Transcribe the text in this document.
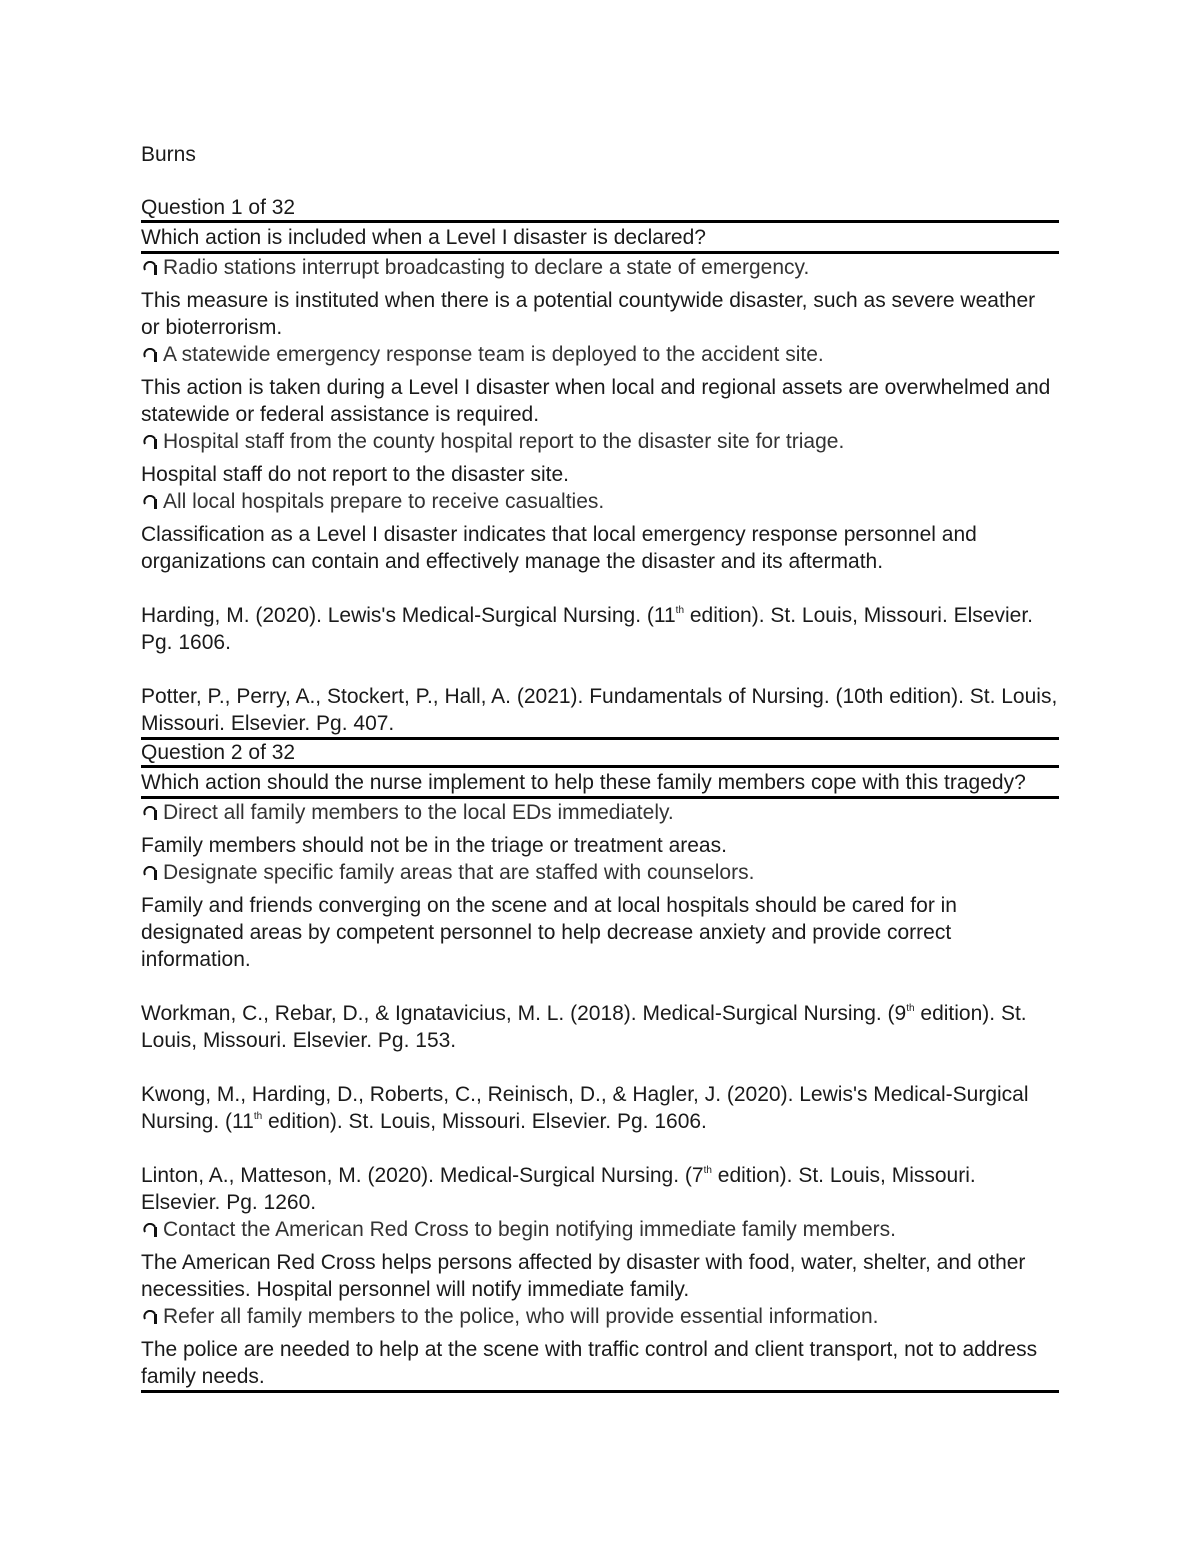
Burns
Question 1 of 32
Which action is included when a Level I disaster is declared?
Radio stations interrupt broadcasting to declare a state of emergency.
This measure is instituted when there is a potential countywide disaster, such as severe weather or bioterrorism.
A statewide emergency response team is deployed to the accident site.
This action is taken during a Level I disaster when local and regional assets are overwhelmed and statewide or federal assistance is required.
Hospital staff from the county hospital report to the disaster site for triage.
Hospital staff do not report to the disaster site.
All local hospitals prepare to receive casualties.
Classification as a Level I disaster indicates that local emergency response personnel and organizations can contain and effectively manage the disaster and its aftermath.
Harding, M. (2020). Lewis's Medical-Surgical Nursing. (11th edition). St. Louis, Missouri. Elsevier. Pg. 1606.
Potter, P., Perry, A., Stockert, P., Hall, A. (2021). Fundamentals of Nursing. (10th edition). St. Louis, Missouri. Elsevier. Pg. 407.
Question 2 of 32
Which action should the nurse implement to help these family members cope with this tragedy?
Direct all family members to the local EDs immediately.
Family members should not be in the triage or treatment areas.
Designate specific family areas that are staffed with counselors.
Family and friends converging on the scene and at local hospitals should be cared for in designated areas by competent personnel to help decrease anxiety and provide correct information.
Workman, C., Rebar, D., & Ignatavicius, M. L. (2018). Medical-Surgical Nursing. (9th edition). St. Louis, Missouri. Elsevier. Pg. 153.
Kwong, M., Harding, D., Roberts, C., Reinisch, D., & Hagler, J. (2020). Lewis's Medical-Surgical Nursing. (11th edition). St. Louis, Missouri. Elsevier. Pg. 1606.
Linton, A., Matteson, M. (2020). Medical-Surgical Nursing. (7th edition). St. Louis, Missouri. Elsevier. Pg. 1260.
Contact the American Red Cross to begin notifying immediate family members.
The American Red Cross helps persons affected by disaster with food, water, shelter, and other necessities. Hospital personnel will notify immediate family.
Refer all family members to the police, who will provide essential information.
The police are needed to help at the scene with traffic control and client transport, not to address family needs.
